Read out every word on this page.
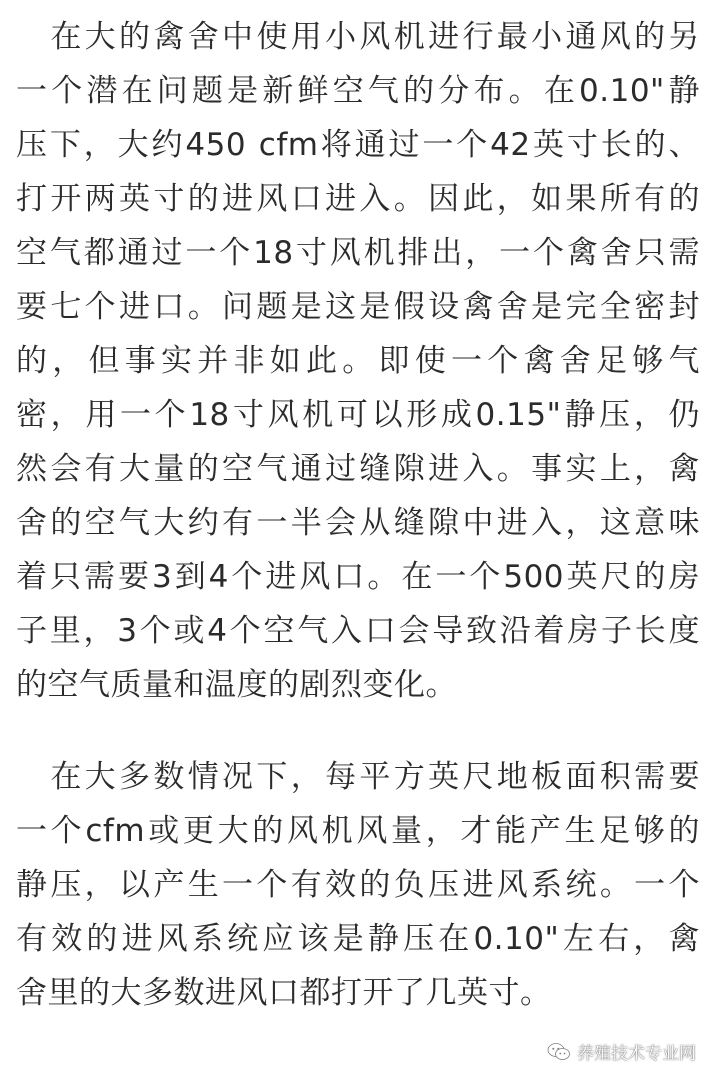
　在大的禽舍中使用小风机进行最小通风的另
一个潜在问题是新鲜空气的分布。在0.10"静
压下，大约450 cfm将通过一个42英寸长的、
打开两英寸的进风口进入。因此，如果所有的
空气都通过一个18寸风机排出，一个禽舍只需
要七个进口。问题是这是假设禽舍是完全密封
的，但事实并非如此。即使一个禽舍足够气
密，用一个18寸风机可以形成0.15"静压，仍
然会有大量的空气通过缝隙进入。事实上，禽
舍的空气大约有一半会从缝隙中进入，这意味
着只需要3到4个进风口。在一个500英尺的房
子里，3个或4个空气入口会导致沿着房子长度
的空气质量和温度的剧烈变化。
　在大多数情况下，每平方英尺地板面积需要
一个cfm或更大的风机风量，才能产生足够的
静压，以产生一个有效的负压进风系统。一个
有效的进风系统应该是静压在0.10"左右，禽
舍里的大多数进风口都打开了几英寸。
养殖技术专业网
